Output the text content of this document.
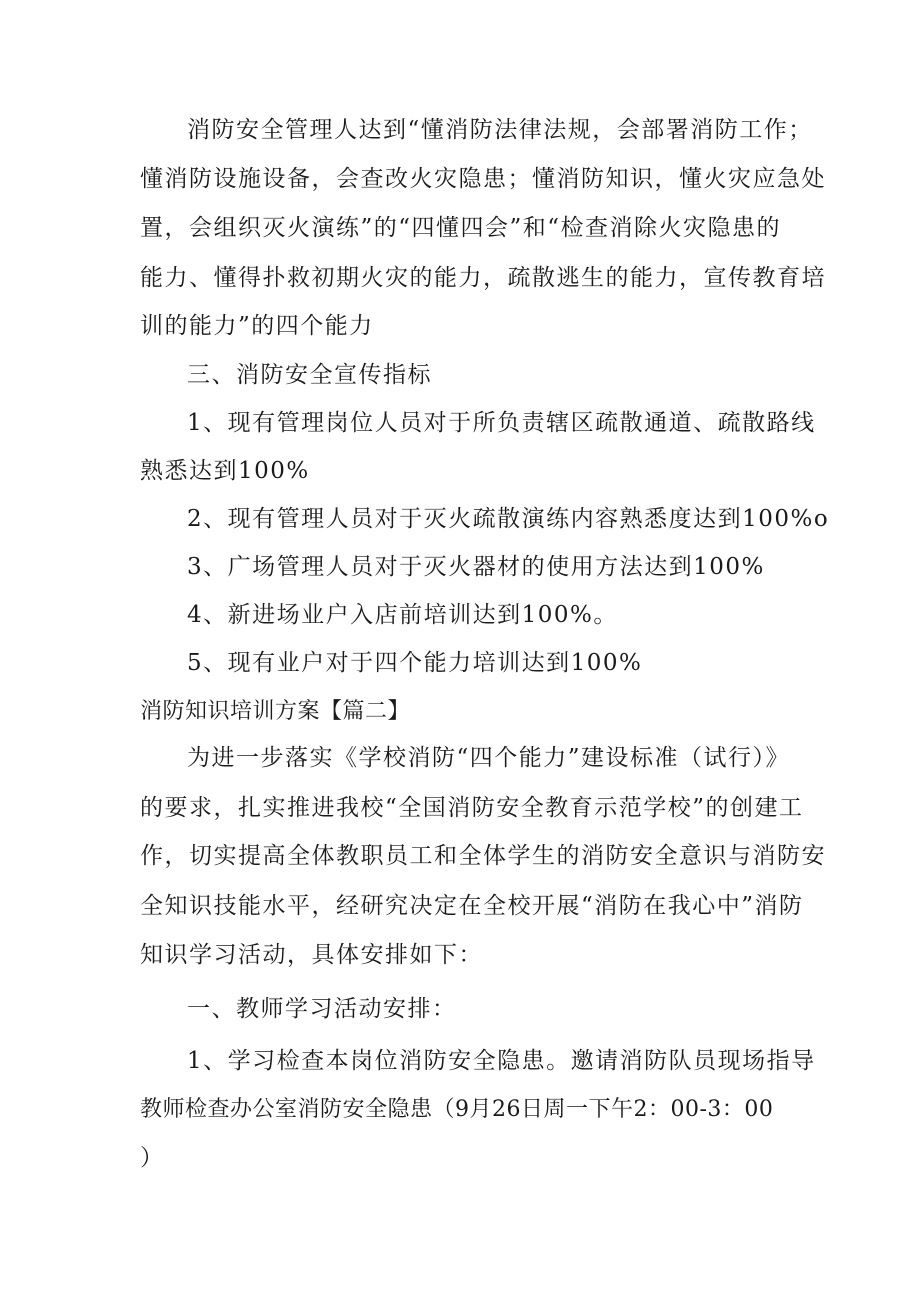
消防安全管理人达到“懂消防法律法规，会部署消防工作；

懂消防设施设备，会查改火灾隐患；懂消防知识，懂火灾应急处

置，会组织灭火演练”的“四懂四会”和“检查消除火灾隐患的

能力、懂得扑救初期火灾的能力，疏散逃生的能力，宣传教育培

训的能力”的四个能力

三、消防安全宣传指标

1、现有管理岗位人员对于所负责辖区疏散通道、疏散路线

熟悉达到100%

2、现有管理人员对于灭火疏散演练内容熟悉度达到100%o

3、广场管理人员对于灭火器材的使用方法达到100%

4、新进场业户入店前培训达到100%。

5、现有业户对于四个能力培训达到100%

消防知识培训方案【篇二】

为进一步落实《学校消防“四个能力”建设标准（试行）》

的要求，扎实推进我校“全国消防安全教育示范学校”的创建工

作，切实提高全体教职员工和全体学生的消防安全意识与消防安

全知识技能水平，经研究决定在全校开展“消防在我心中”消防

知识学习活动，具体安排如下：

一、教师学习活动安排：

1、学习检查本岗位消防安全隐患。邀请消防队员现场指导

教师检查办公室消防安全隐患（9月26日周一下午2：00-3：00

）
